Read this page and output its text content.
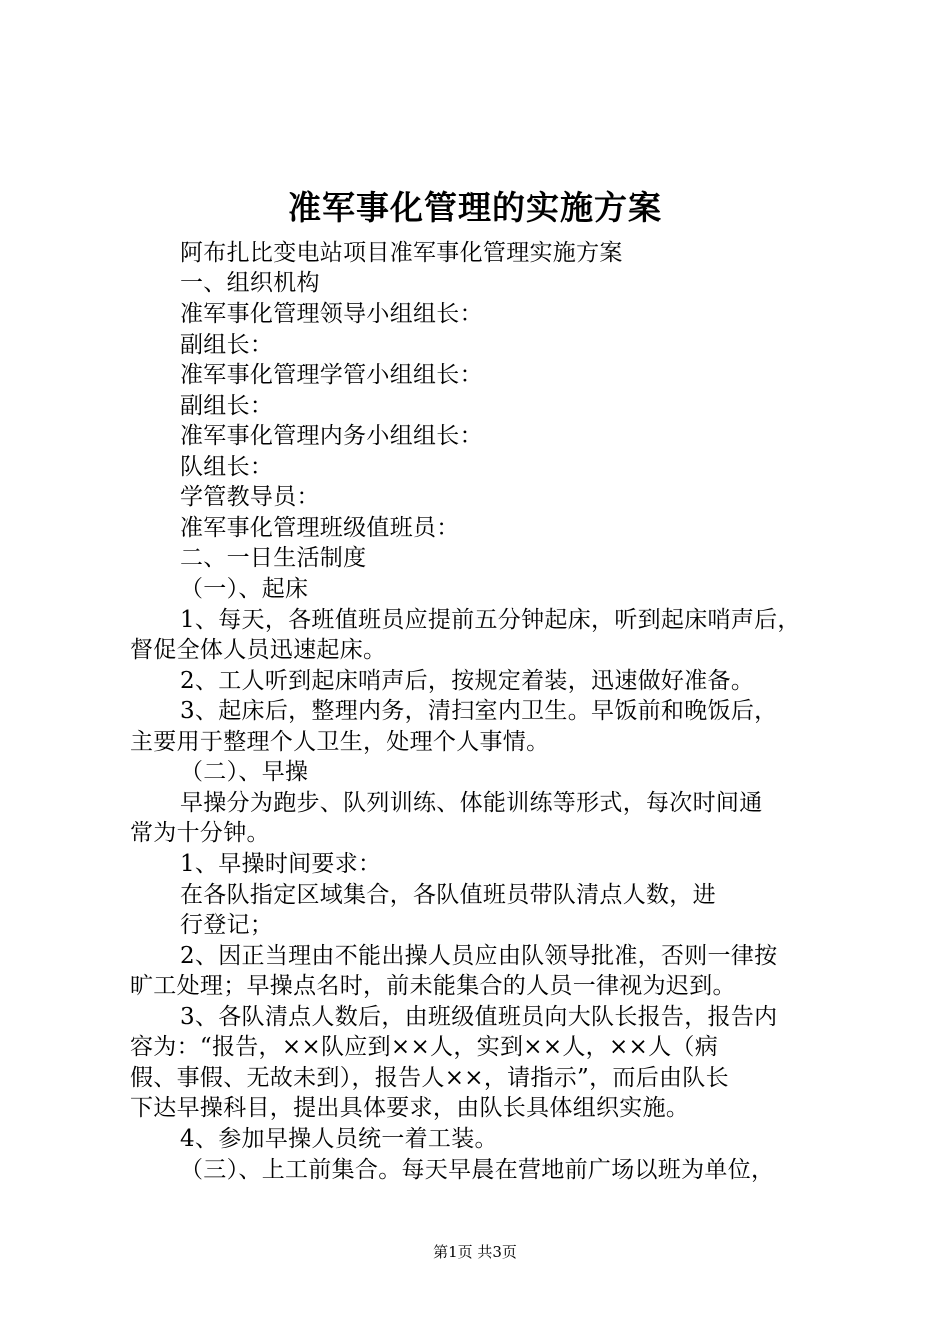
准军事化管理的实施方案
阿布扎比变电站项目准军事化管理实施方案
一、组织机构
准军事化管理领导小组组长：
副组长：
准军事化管理学管小组组长：
副组长：
准军事化管理内务小组组长：
队组长：
学管教导员：
准军事化管理班级值班员：
二、一日生活制度
（一）、起床
1、每天，各班值班员应提前五分钟起床，听到起床哨声后，
督促全体人员迅速起床。
2、工人听到起床哨声后，按规定着装，迅速做好准备。
3、起床后，整理内务，清扫室内卫生。早饭前和晚饭后，
主要用于整理个人卫生，处理个人事情。
（二）、早操
早操分为跑步、队列训练、体能训练等形式，每次时间通
常为十分钟。
1、早操时间要求：
在各队指定区域集合，各队值班员带队清点人数，进
行登记；
2、因正当理由不能出操人员应由队领导批准，否则一律按
旷工处理；早操点名时，前未能集合的人员一律视为迟到。
3、各队清点人数后，由班级值班员向大队长报告，报告内
容为：“报告，××队应到××人，实到××人，××人（病
假、事假、无故未到），报告人××，请指示”，而后由队长
下达早操科目，提出具体要求，由队长具体组织实施。
4、参加早操人员统一着工装。
（三）、上工前集合。每天早晨在营地前广场以班为单位，
第1页 共3页
